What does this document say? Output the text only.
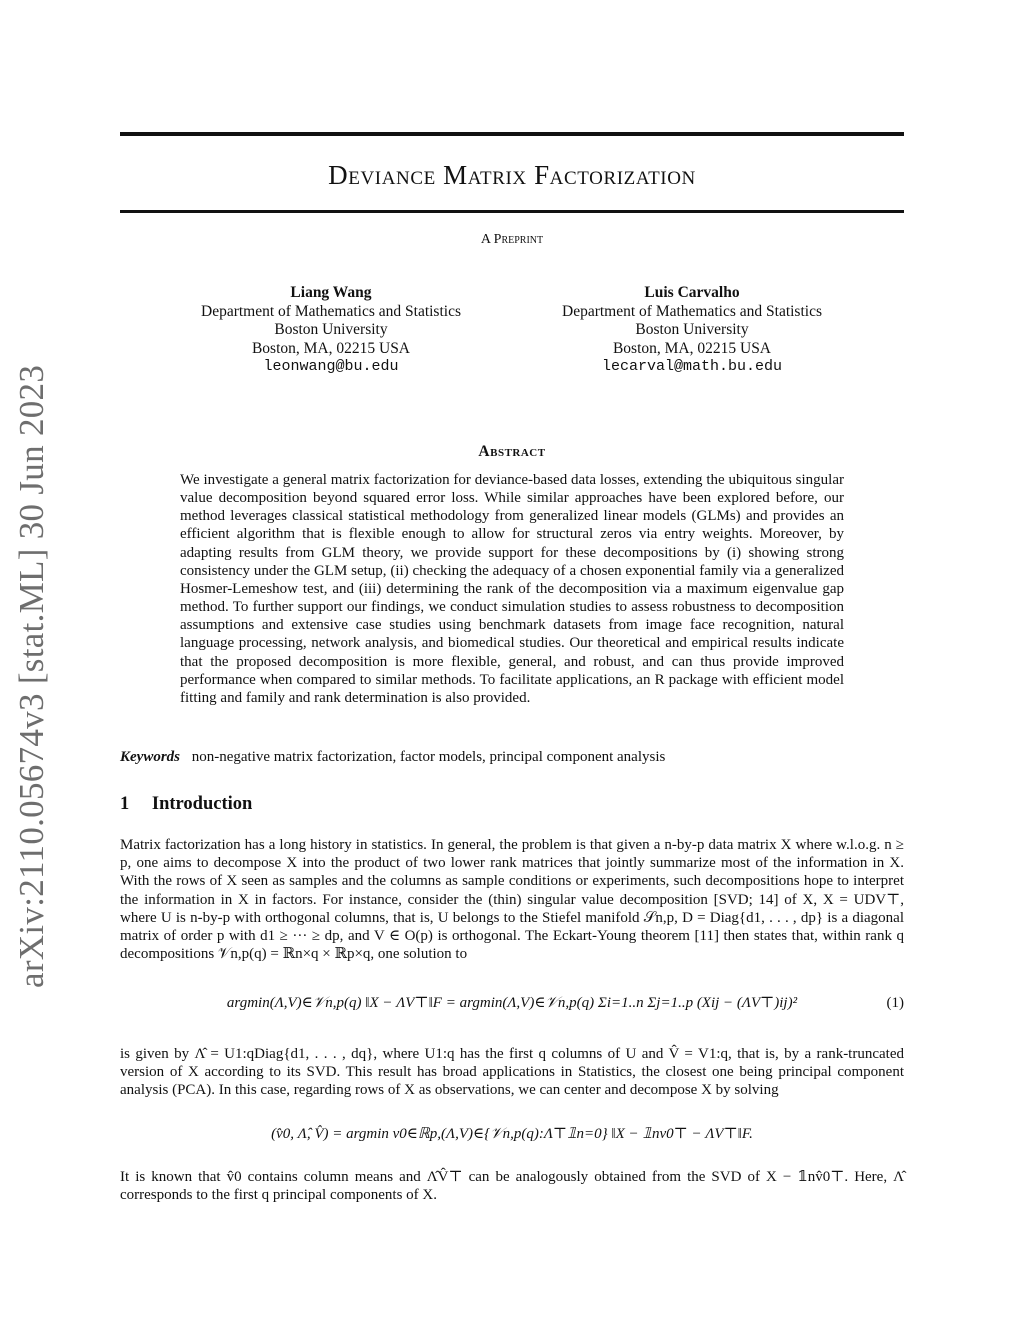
arXiv:2110.05674v3 [stat.ML] 30 Jun 2023
Deviance Matrix Factorization
A Preprint
Liang Wang
Department of Mathematics and Statistics
Boston University
Boston, MA, 02215 USA
leonwang@bu.edu
Luis Carvalho
Department of Mathematics and Statistics
Boston University
Boston, MA, 02215 USA
lecarval@math.bu.edu
Abstract
We investigate a general matrix factorization for deviance-based data losses, extending the ubiquitous singular value decomposition beyond squared error loss. While similar approaches have been explored before, our method leverages classical statistical methodology from generalized linear models (GLMs) and provides an efficient algorithm that is flexible enough to allow for structural zeros via entry weights. Moreover, by adapting results from GLM theory, we provide support for these decompositions by (i) showing strong consistency under the GLM setup, (ii) checking the adequacy of a chosen exponential family via a generalized Hosmer-Lemeshow test, and (iii) determining the rank of the decomposition via a maximum eigenvalue gap method. To further support our findings, we conduct simulation studies to assess robustness to decomposition assumptions and extensive case studies using benchmark datasets from image face recognition, natural language processing, network analysis, and biomedical studies. Our theoretical and empirical results indicate that the proposed decomposition is more flexible, general, and robust, and can thus provide improved performance when compared to similar methods. To facilitate applications, an R package with efficient model fitting and family and rank determination is also provided.
Keywords non-negative matrix factorization, factor models, principal component analysis
1 Introduction
Matrix factorization has a long history in statistics. In general, the problem is that given a n-by-p data matrix X where w.l.o.g. n ≥ p, one aims to decompose X into the product of two lower rank matrices that jointly summarize most of the information in X. With the rows of X seen as samples and the columns as sample conditions or experiments, such decompositions hope to interpret the information in X in factors. For instance, consider the (thin) singular value decomposition [SVD; 14] of X, X = UDV⊤, where U is n-by-p with orthogonal columns, that is, U belongs to the Stiefel manifold 𝒮n,p, D = Diag{d1, . . . , dp} is a diagonal matrix of order p with d1 ≥ ··· ≥ dp, and V ∈ O(p) is orthogonal. The Eckart-Young theorem [11] then states that, within rank q decompositions 𝒱n,p(q) = ℝn×q × ℝp×q, one solution to
argmin(Λ,V)∈𝒱n,p(q) ‖X − ΛV⊤‖F = argmin(Λ,V)∈𝒱n,p(q) Σi=1..n Σj=1..p (Xij − (ΛV⊤)ij)²	(1)
is given by Λ̂ = U1:qDiag{d1, . . . , dq}, where U1:q has the first q columns of U and V̂ = V1:q, that is, by a rank-truncated version of X according to its SVD. This result has broad applications in Statistics, the closest one being principal component analysis (PCA). In this case, regarding rows of X as observations, we can center and decompose X by solving
(v̂0, Λ̂, V̂) = argmin v0∈ℝp,(Λ,V)∈{𝒱n,p(q):Λ⊤𝟙n=0} ‖X − 𝟙nv0⊤ − ΛV⊤‖F.
It is known that v̂0 contains column means and Λ̂V̂⊤ can be analogously obtained from the SVD of X − 𝟙nv̂0⊤. Here, Λ̂ corresponds to the first q principal components of X.
